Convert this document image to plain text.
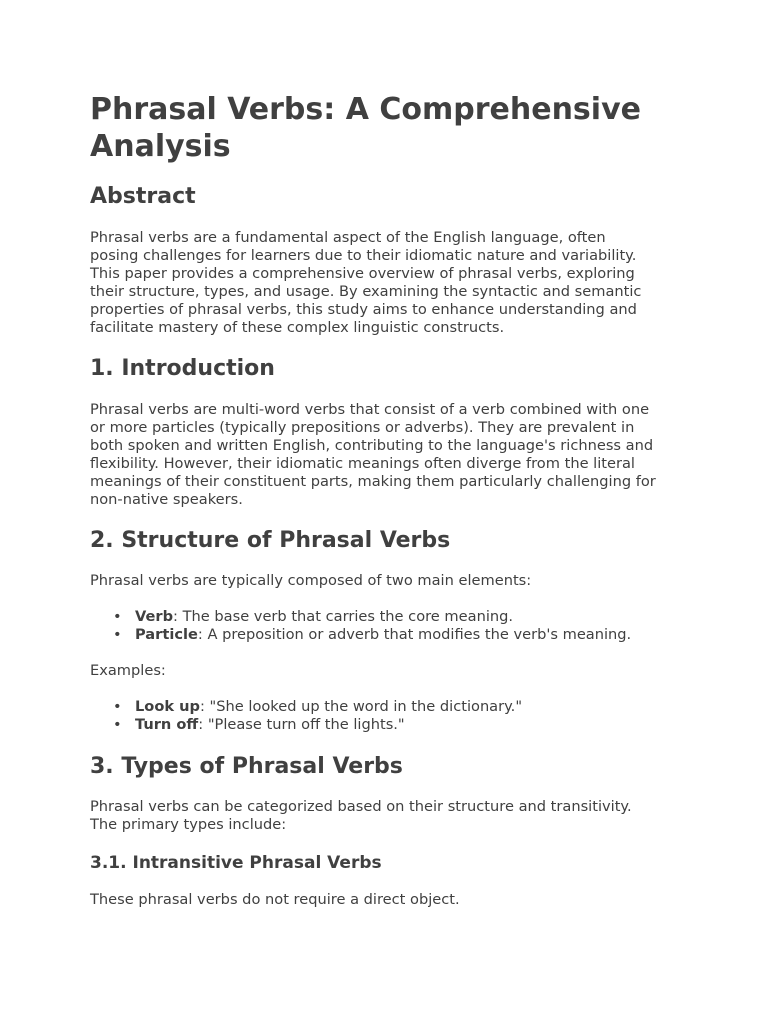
Phrasal Verbs: A Comprehensive Analysis
Abstract
Phrasal verbs are a fundamental aspect of the English language, often
posing challenges for learners due to their idiomatic nature and variability.
This paper provides a comprehensive overview of phrasal verbs, exploring
their structure, types, and usage. By examining the syntactic and semantic
properties of phrasal verbs, this study aims to enhance understanding and
facilitate mastery of these complex linguistic constructs.
1. Introduction
Phrasal verbs are multi-word verbs that consist of a verb combined with one
or more particles (typically prepositions or adverbs). They are prevalent in
both spoken and written English, contributing to the language's richness and
flexibility. However, their idiomatic meanings often diverge from the literal
meanings of their constituent parts, making them particularly challenging for
non-native speakers.
2. Structure of Phrasal Verbs
Phrasal verbs are typically composed of two main elements:
• Verb: The base verb that carries the core meaning.
• Particle: A preposition or adverb that modifies the verb's meaning.
Examples:
• Look up: "She looked up the word in the dictionary."
• Turn off: "Please turn off the lights."
3. Types of Phrasal Verbs
Phrasal verbs can be categorized based on their structure and transitivity.
The primary types include:
3.1. Intransitive Phrasal Verbs
These phrasal verbs do not require a direct object.
